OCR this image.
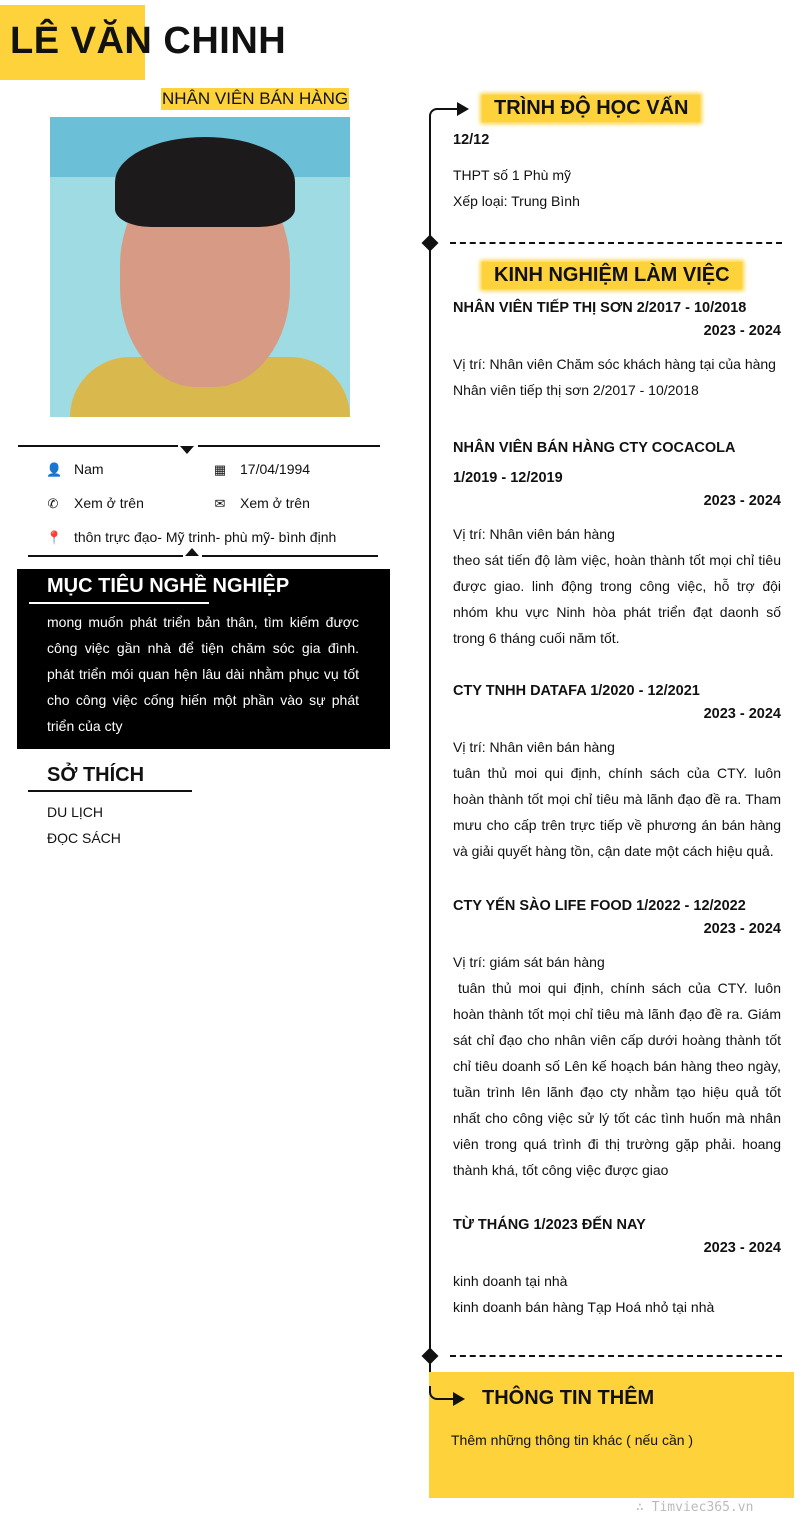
LÊ VĂN CHINH
NHÂN VIÊN BÁN HÀNG
👤 Nam	▦ 17/04/1994
✆ Xem ở trên	✉ Xem ở trên
📍 thôn trực đạo- Mỹ trinh- phù mỹ- bình định
MỤC TIÊU NGHỀ NGHIỆP

mong muốn phát triển bản thân, tìm kiếm được công việc gần nhà để tiện chăm sóc gia đình. phát triển mói quan hện lâu dài nhằm phục vụ tốt cho công việc cống hiến một phần vào sự phát triển của cty

SỞ THÍCH
DU LỊCH
ĐỌC SÁCH
TRÌNH ĐỘ HỌC VẤN
12/12
THPT số 1 Phù mỹ
Xếp loại: Trung Bình
KINH NGHIỆM LÀM VIỆC
NHÂN VIÊN TIẾP THỊ SƠN 2/2017 - 10/2018
2023 - 2024
Vị trí: Nhân viên Chăm sóc khách hàng tại của hàng
Nhân viên tiếp thị sơn 2/2017 - 10/2018
NHÂN VIÊN BÁN HÀNG CTY COCACOLA 1/2019 - 12/2019
2023 - 2024
Vị trí: Nhân viên bán hàng
theo sát tiến độ làm việc, hoàn thành tốt mọi chỉ tiêu được giao. linh động trong công việc, hỗ trợ đội nhóm khu vực Ninh hòa phát triển đạt daonh số trong 6 tháng cuối năm tốt.
CTY TNHH DATAFA 1/2020 - 12/2021
2023 - 2024
Vị trí: Nhân viên bán hàng
tuân thủ moi qui định, chính sách của CTY. luôn hoàn thành tốt mọi chỉ tiêu mà lãnh đạo đề ra. Tham mưu cho cấp trên trực tiếp về phương án bán hàng và giải quyết hàng tồn, cận date một cách hiệu quả.
CTY YẾN SÀO LIFE FOOD 1/2022 - 12/2022
2023 - 2024
Vị trí: giám sát bán hàng
tuân thủ moi qui định, chính sách của CTY. luôn hoàn thành tốt mọi chỉ tiêu mà lãnh đạo đề ra. Giám sát chỉ đạo cho nhân viên cấp dưới hoàng thành tốt chỉ tiêu doanh số Lên kế hoạch bán hàng theo ngày, tuần trình lên lãnh đạo cty nhằm tạo hiệu quả tốt nhất cho công việc sử lý tốt các tình huốn mà nhân viên trong quá trình đi thị trường gặp phải. hoang thành khá, tốt công việc được giao
TỪ THÁNG 1/2023 ĐẾN NAY
2023 - 2024
kinh doanh tại nhà
kinh doanh bán hàng Tạp Hoá nhỏ tại nhà
THÔNG TIN THÊM
Thêm những thông tin khác ( nếu cần )
∴ Timviec365.vn
